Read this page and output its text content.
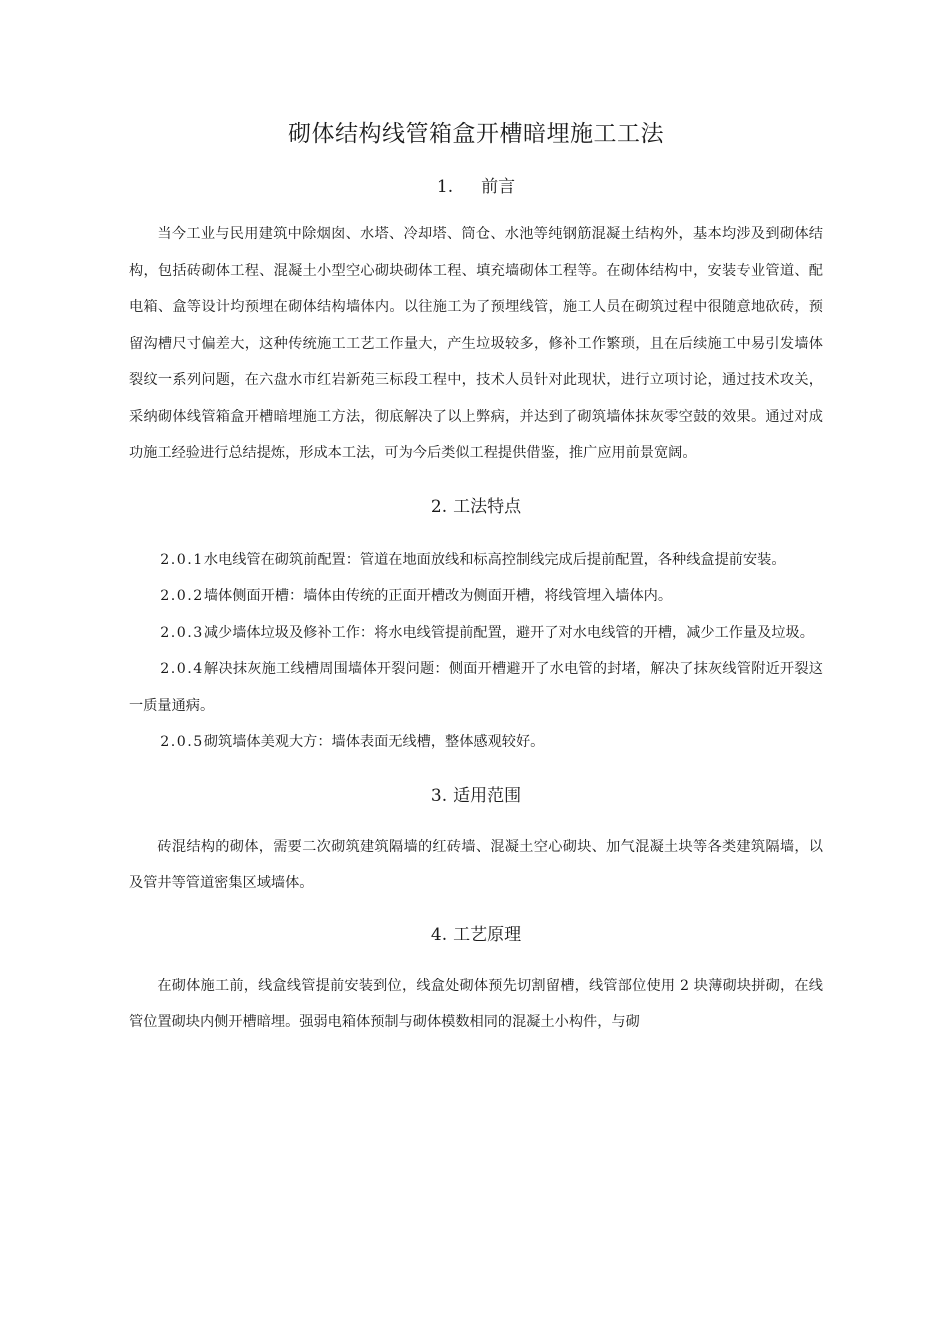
砌体结构线管箱盒开槽暗埋施工工法
1. 前言

当今工业与民用建筑中除烟囱、水塔、冷却塔、筒仓、水池等纯钢筋混凝土结构外，基本均涉及到砌体结构，包括砖砌体工程、混凝土小型空心砌块砌体工程、填充墙砌体工程等。在砌体结构中，安装专业管道、配电箱、盒等设计均预埋在砌体结构墙体内。以往施工为了预埋线管，施工人员在砌筑过程中很随意地砍砖，预留沟槽尺寸偏差大，这种传统施工工艺工作量大，产生垃圾较多，修补工作繁琐，且在后续施工中易引发墙体裂纹一系列问题，在六盘水市红岩新苑三标段工程中，技术人员针对此现状，进行立项讨论，通过技术攻关，采纳砌体线管箱盒开槽暗埋施工方法，彻底解决了以上弊病，并达到了砌筑墙体抹灰零空鼓的效果。通过对成功施工经验进行总结提炼，形成本工法，可为今后类似工程提供借鉴，推广应用前景宽阔。

2. 工法特点

2.0.1水电线管在砌筑前配置：管道在地面放线和标高控制线完成后提前配置，各种线盒提前安装。

2.0.2墙体侧面开槽：墙体由传统的正面开槽改为侧面开槽，将线管埋入墙体内。

2.0.3减少墙体垃圾及修补工作：将水电线管提前配置，避开了对水电线管的开槽，减少工作量及垃圾。

2.0.4解决抹灰施工线槽周围墙体开裂问题：侧面开槽避开了水电管的封堵，解决了抹灰线管附近开裂这一质量通病。

2.0.5砌筑墙体美观大方：墙体表面无线槽，整体感观较好。

3. 适用范围

砖混结构的砌体，需要二次砌筑建筑隔墙的红砖墙、混凝土空心砌块、加气混凝土块等各类建筑隔墙，以及管井等管道密集区域墙体。

4. 工艺原理

在砌体施工前，线盒线管提前安装到位，线盒处砌体预先切割留槽，线管部位使用 2 块薄砌块拼砌，在线管位置砌块内侧开槽暗埋。强弱电箱体预制与砌体模数相同的混凝土小构件，与砌
